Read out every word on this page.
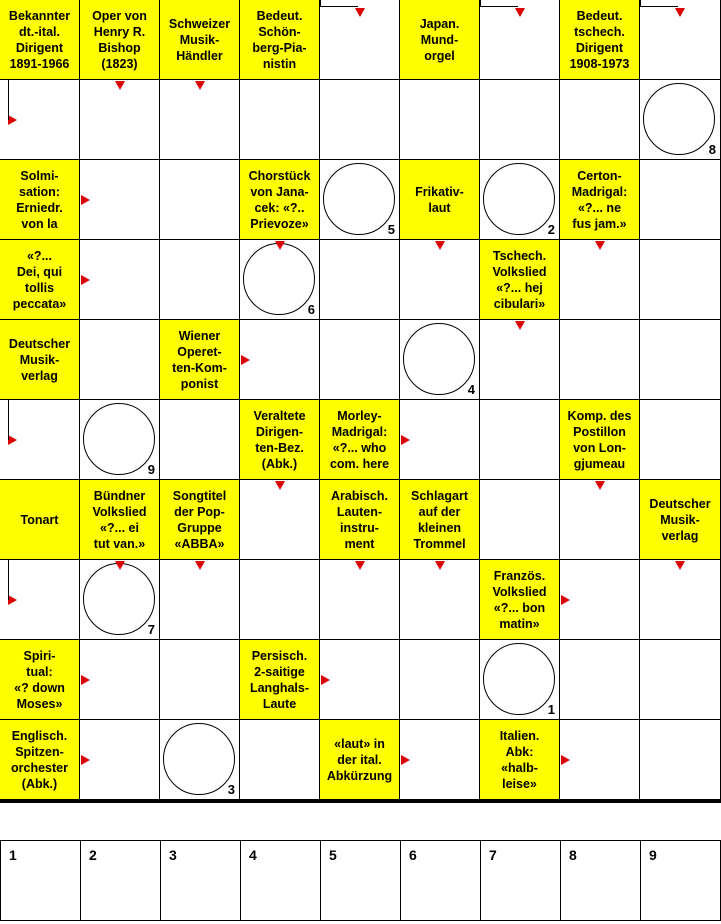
Bekannter
dt.-ital.
Dirigent
1891-1966
Oper von
Henry R.
Bishop
(1823)
Schweizer
Musik-
Händler
Bedeut.
Schön-
berg-Pia-
nistin
Japan.
Mund-
orgel
Bedeut.
tschech.
Dirigent
1908-1973
8
Solmi-
sation:
Erniedr.
von la
Chorstück
von Jana-
cek: «?..
Prievoze»	5
Frikativ-
laut
2
Certon-
Madrigal:
«?... ne
fus jam.»
«?...
Dei, qui
tollis
peccata»	6
Tschech.
Volkslied
«?... hej
cibulari»
Deutscher
Musik-
verlag
Wiener
Operet-
ten-Kom-
ponist	4
9
Veraltete
Dirigen-
ten-Bez.
(Abk.)
Morley-
Madrigal:
«?... who
com. here
Komp. des
Postillon
von Lon-
gjumeau
Tonart
Bündner
Volkslied
«?... ei
tut van.»
Songtitel
der Pop-
Gruppe
«ABBA»
Arabisch.
Lauten-
instru-
ment
Schlagart
auf der
kleinen
Trommel
Deutscher
Musik-
verlag
7
Französ.
Volkslied
«?... bon
matin»
Spiri-
tual:
«? down
Moses»
Persisch.
2-saitige
Langhals-
Laute	1
Englisch.
Spitzen-
orchester
(Abk.)	3
«laut» in
der ital.
Abkürzung
Italien.
Abk:
«halb-
leise»
1	2	3	4	5	6	7	8	9
